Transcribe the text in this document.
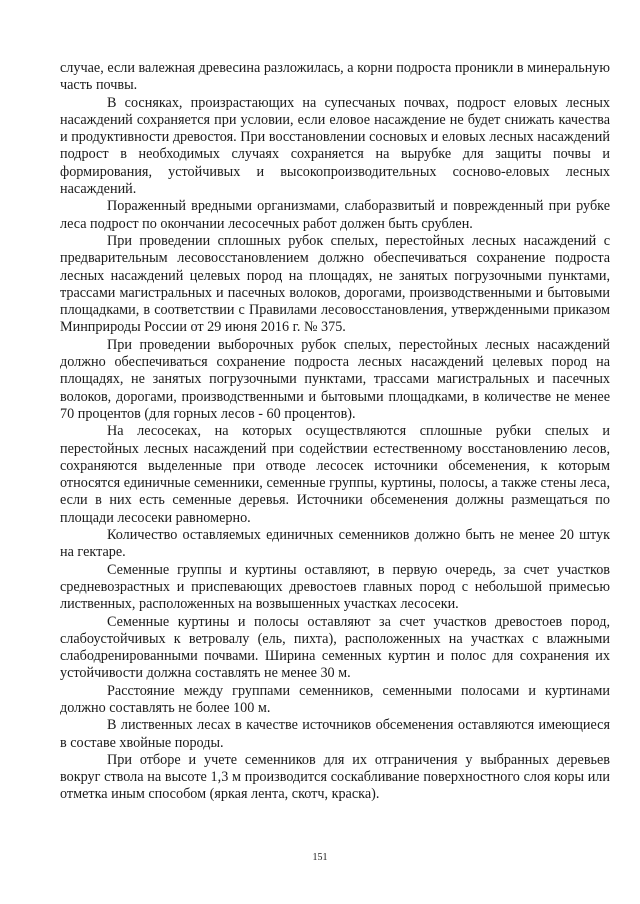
случае, если валежная древесина разложилась, а корни подроста проникли в минеральную часть почвы.

В сосняках, произрастающих на супесчаных почвах, подрост еловых лесных насаждений сохраняется при условии, если еловое насаждение не будет снижать качества и продуктивности древостоя. При восстановлении сосновых и еловых лесных насаждений подрост в необходимых случаях сохраняется на вырубке для защиты почвы и формирования, устойчивых и высокопроизводительных сосново-еловых лесных насаждений.

Пораженный вредными организмами, слаборазвитый и поврежденный при рубке леса подрост по окончании лесосечных работ должен быть срублен.

При проведении сплошных рубок спелых, перестойных лесных насаждений с предварительным лесовосстановлением должно обеспечиваться сохранение подроста лесных насаждений целевых пород на площадях, не занятых погрузочными пунктами, трассами магистральных и пасечных волоков, дорогами, производственными и бытовыми площадками, в соответствии с Правилами лесовосстановления, утвержденными приказом Минприроды России от 29 июня 2016 г. № 375.

При проведении выборочных рубок спелых, перестойных лесных насаждений должно обеспечиваться сохранение подроста лесных насаждений целевых пород на площадях, не занятых погрузочными пунктами, трассами магистральных и пасечных волоков, дорогами, производственными и бытовыми площадками, в количестве не менее 70 процентов (для горных лесов - 60 процентов).

На лесосеках, на которых осуществляются сплошные рубки спелых и перестойных лесных насаждений при содействии естественному восстановлению лесов, сохраняются выделенные при отводе лесосек источники обсеменения, к которым относятся единичные семенники, семенные группы, куртины, полосы, а также стены леса, если в них есть семенные деревья. Источники обсеменения должны размещаться по площади лесосеки равномерно.

Количество оставляемых единичных семенников должно быть не менее 20 штук на гектаре.

Семенные группы и куртины оставляют, в первую очередь, за счет участков средневозрастных и приспевающих древостоев главных пород с небольшой примесью лиственных, расположенных на возвышенных участках лесосеки.

Семенные куртины и полосы оставляют за счет участков древостоев пород, слабоустойчивых к ветровалу (ель, пихта), расположенных на участках с влажными слабодренированными почвами. Ширина семенных куртин и полос для сохранения их устойчивости должна составлять не менее 30 м.

Расстояние между группами семенников, семенными полосами и куртинами должно составлять не более 100 м.

В лиственных лесах в качестве источников обсеменения оставляются имеющиеся в составе хвойные породы.

При отборе и учете семенников для их отграничения у выбранных деревьев вокруг ствола на высоте 1,3 м производится соскабливание поверхностного слоя коры или отметка иным способом (яркая лента, скотч, краска).

151
